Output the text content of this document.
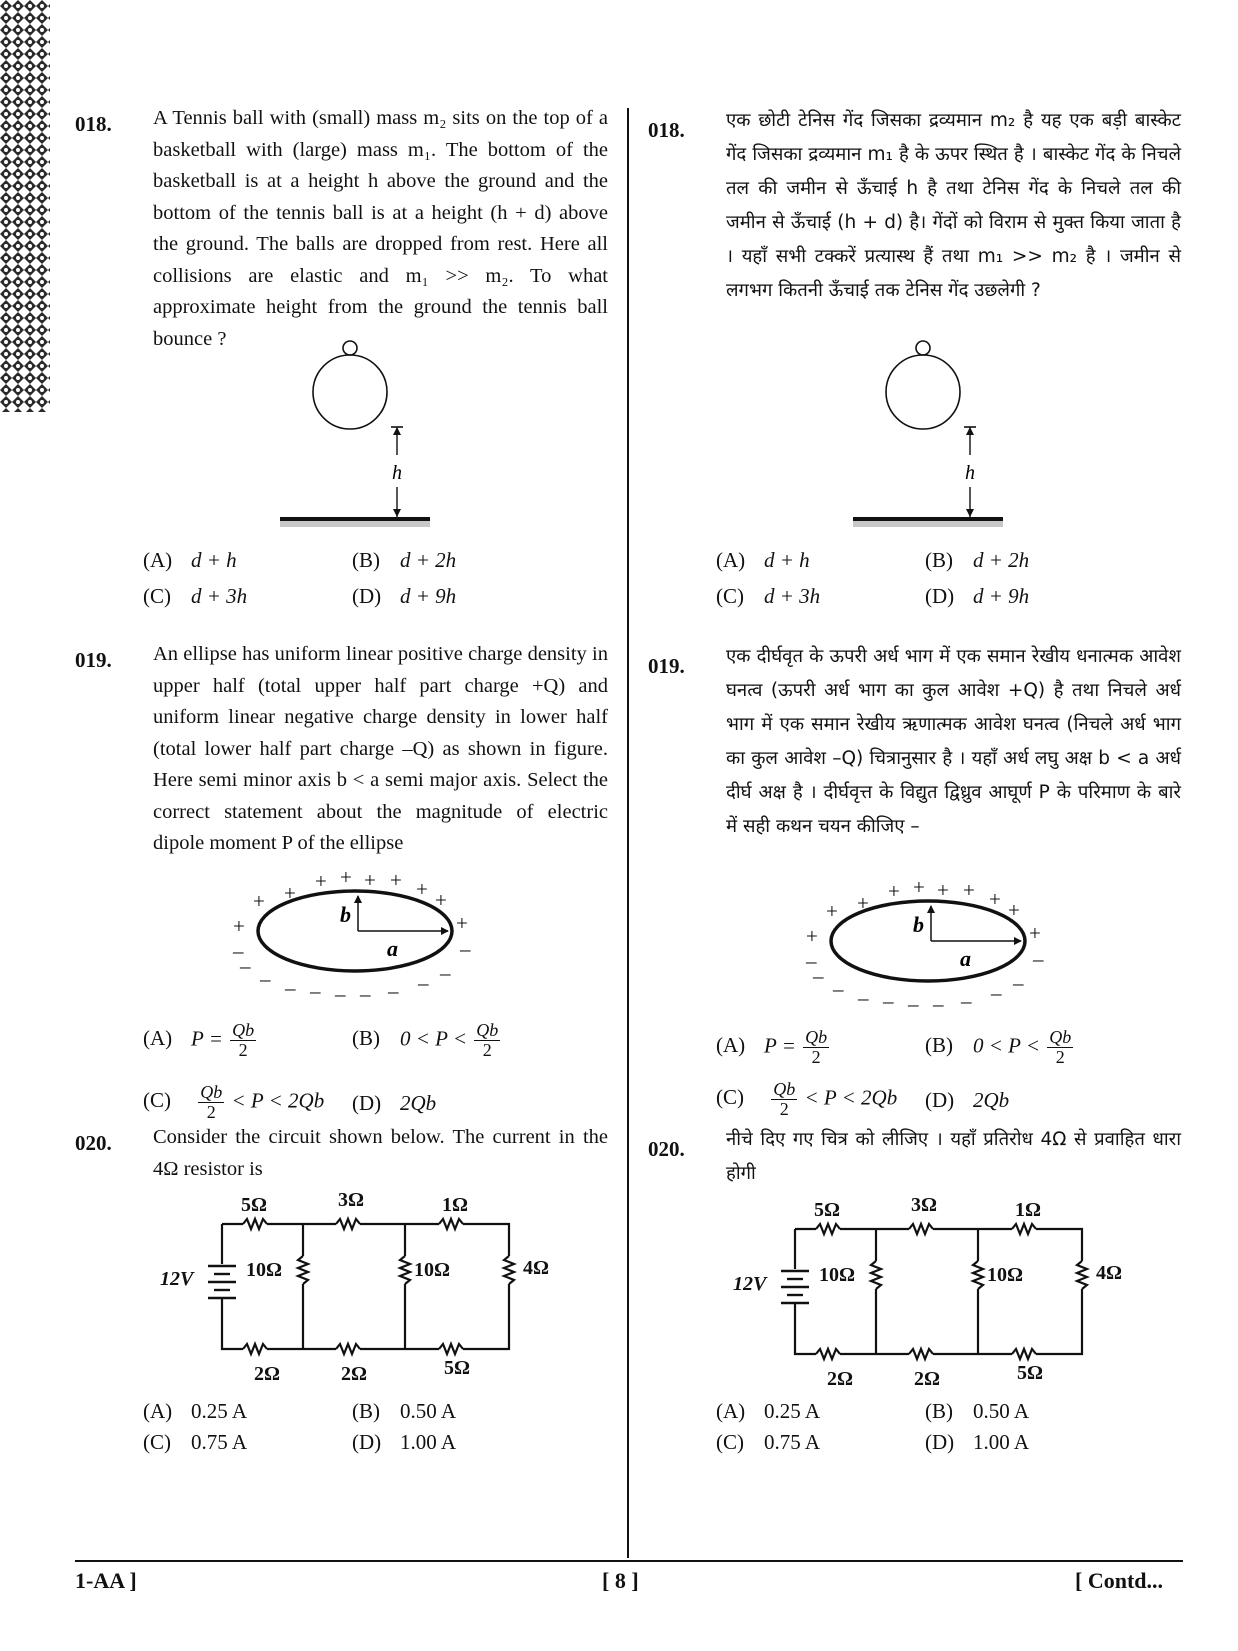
018. A Tennis ball with (small) mass m₂ sits on the top of a basketball with (large) mass m₁. The bottom of the basketball is at a height h above the ground and the bottom of the tennis ball is at a height (h + d) above the ground. The balls are dropped from rest. Here all collisions are elastic and m₁ >> m₂. To what approximate height from the ground the tennis ball bounce ?

h
(A) d + h	(B) d + 2h
(C) d + 3h	(D) d + 9h
019. An ellipse has uniform linear positive charge density in upper half (total upper half part charge +Q) and uniform linear negative charge density in lower half (total lower half part charge –Q) as shown in figure. Here semi minor axis b < a semi major axis. Select the correct statement about the magnitude of electric dipole moment P of the ellipse

+
+ + + + + + + +
+
–
–
– – – – – – – –
–
b
a
(A) $P = \frac{Qb}{2}$	(B) $0 < P < \frac{Qb}{2}$
$(C) \frac{Qb}{2} < P < 2Qb$ (D) 2Qb
020. Consider the circuit shown below. The current in the 4Ω resistor is

12V
5Ω	3Ω	1Ω
10Ω	10Ω	4Ω
2Ω	2Ω	5Ω
(A) 0.25 A	(B) 0.50 A
(C) 0.75 A	(D) 1.00 A
018. एक छोटी टेनिस गेंद जिसका द्रव्यमान m₂ है यह एक बड़ी बास्केट गेंद जिसका द्रव्यमान m₁ है के ऊपर स्थित है । बास्केट गेंद के निचले तल की जमीन से ऊँचाई h है तथा टेनिस गेंद के निचले तल की जमीन से ऊँचाई (h + d) है। गेंदों को विराम से मुक्त किया जाता है । यहाँ सभी टक्करें प्रत्यास्थ हैं तथा m₁ >> m₂ है । जमीन से लगभग कितनी ऊँचाई तक टेनिस गेंद उछलेगी ?

h
(A) d + h	(B) d + 2h
(C) d + 3h	(D) d + 9h
019. एक दीर्घवृत के ऊपरी अर्ध भाग में एक समान रेखीय धनात्मक आवेश घनत्व (ऊपरी अर्ध भाग का कुल आवेश +Q) है तथा निचले अर्ध भाग में एक समान रेखीय ऋणात्मक आवेश घनत्व (निचले अर्ध भाग का कुल आवेश –Q) चित्रानुसार है । यहाँ अर्ध लघु अक्ष b < a अर्ध दीर्घ अक्ष है । दीर्घवृत्त के विद्युत द्विध्रुव आघूर्ण P के परिमाण के बारे में सही कथन चयन कीजिए –

+
+ + + + + + + +
+
–
–
– – – – – – – –
–
b
a
(A) $P = \frac{Qb}{2}$	(B) $0 < P < \frac{Qb}{2}$
$(C) \frac{Qb}{2} < P < 2Qb$ (D) 2Qb
020. नीचे दिए गए चित्र को लीजिए । यहाँ प्रतिरोध 4Ω से प्रवाहित धारा होगी

12V
5Ω	3Ω	1Ω
10Ω	10Ω	4Ω
2Ω	2Ω	5Ω
(A) 0.25 A	(B) 0.50 A
(C) 0.75 A	(D) 1.00 A
1-AA ]	[ 8 ]	[ Contd...
